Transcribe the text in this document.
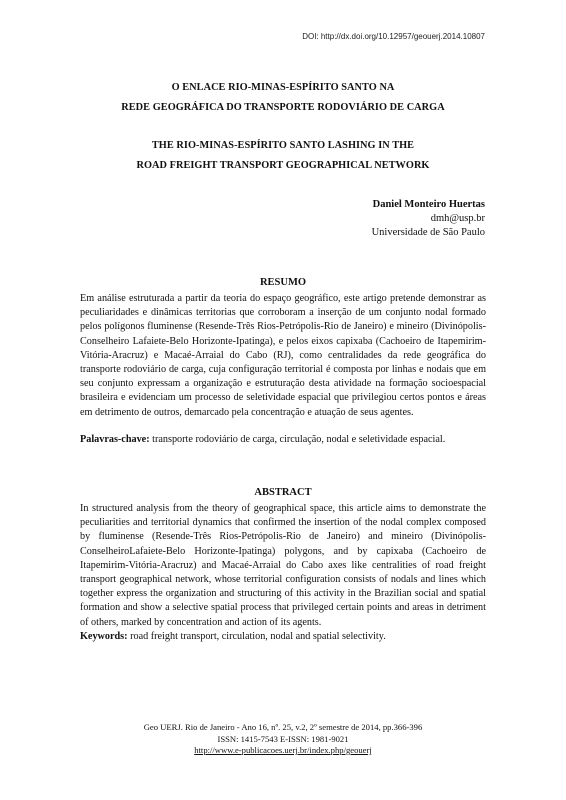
DOI: http://dx.doi.org/10.12957/geouerj.2014.10807
O ENLACE RIO-MINAS-ESPÍRITO SANTO NA
REDE GEOGRÁFICA DO TRANSPORTE RODOVIÁRIO DE CARGA
THE RIO-MINAS-ESPÍRITO SANTO LASHING IN THE
ROAD FREIGHT TRANSPORT GEOGRAPHICAL NETWORK
Daniel Monteiro Huertas
dmh@usp.br
Universidade de São Paulo
RESUMO

Em análise estruturada a partir da teoria do espaço geográfico, este artigo pretende demonstrar as peculiaridades e dinâmicas territorias que corroboram a inserção de um conjunto nodal formado pelos polígonos fluminense (Resende-Três Rios-Petrópolis-Rio de Janeiro) e mineiro (Divinópolis-Conselheiro Lafaiete-Belo Horizonte-Ipatinga), e pelos eixos capixaba (Cachoeiro de Itapemirim-Vitória-Aracruz) e Macaé-Arraial do Cabo (RJ), como centralidades da rede geográfica do transporte rodoviário de carga, cuja configuração territorial é composta por linhas e nodais que em seu conjunto expressam a organização e estruturação desta atividade na formação socioespacial brasileira e evidenciam um processo de seletividade espacial que privilegiou certos pontos e áreas em detrimento de outros, demarcado pela concentração e atuação de seus agentes.

Palavras-chave: transporte rodoviário de carga, circulação, nodal e seletividade espacial.

ABSTRACT

In structured analysis from the theory of geographical space, this article aims to demonstrate the peculiarities and territorial dynamics that confirmed the insertion of the nodal complex composed by fluminense (Resende-Três Rios-Petrópolis-Rio de Janeiro) and mineiro (Divinópolis-ConselheiroLafaiete-Belo Horizonte-Ipatinga) polygons, and by capixaba (Cachoeiro de Itapemirim-Vitória-Aracruz) and Macaé-Arraial do Cabo axes like centralities of road freight transport geographical network, whose territorial configuration consists of nodals and lines which together express the organization and structuring of this activity in the Brazilian social and spatial formation and show a selective spatial process that privileged certain points and areas in detriment of others, marked by concentration and action of its agents.

Keywords: road freight transport, circulation, nodal and spatial selectivity.

Geo UERJ. Rio de Janeiro - Ano 16, nº. 25, v.2, 2º semestre de 2014, pp.366-396
ISSN: 1415-7543 E-ISSN: 1981-9021
http://www.e-publicacoes.uerj.br/index.php/geouerj
